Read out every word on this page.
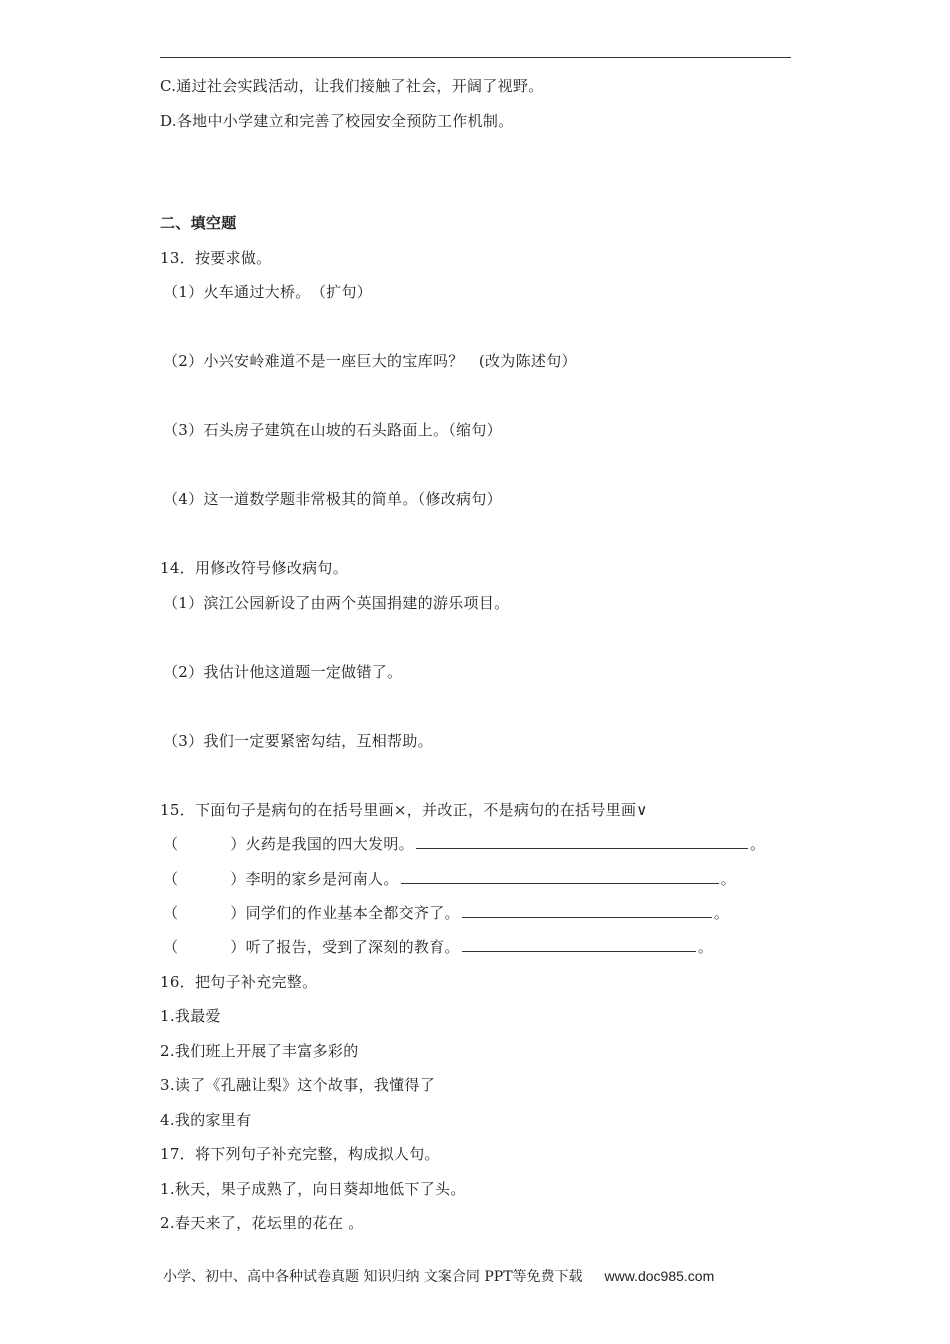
C.通过社会实践活动，让我们接触了社会，开阔了视野。
D.各地中小学建立和完善了校园安全预防工作机制。
二、填空题
13．按要求做。
（1）火车通过大桥。　（扩句）
（2）小兴安岭难道不是一座巨大的宝库吗？　(改为陈述句）
（3）石头房子建筑在山坡的石头路面上。（缩句）
（4）这一道数学题非常极其的简单。（修改病句）
14．用修改符号修改病句。
（1）滨江公园新设了由两个英国捐建的游乐项目。
（2）我估计他这道题一定做错了。
（3）我们一定要紧密勾结，互相帮助。
15．下面句子是病句的在括号里画×，并改正，不是病句的在括号里画∨
（	）火药是我国的四大发明。	。
（	）李明的家乡是河南人。	。
（	）同学们的作业基本全都交齐了。	。
（	）听了报告，受到了深刻的教育。	。
16．把句子补充完整。
1.我最爱
2.我们班上开展了丰富多彩的
3.读了《孔融让梨》这个故事，我懂得了
4.我的家里有
17．将下列句子补充完整，构成拟人句。
1.秋天，果子成熟了，向日葵却地低下了头。
2.春天来了，花坛里的花在 。
小学、初中、高中各种试卷真题 知识归纳 文案合同 PPT等免费下载 www.doc985.com
